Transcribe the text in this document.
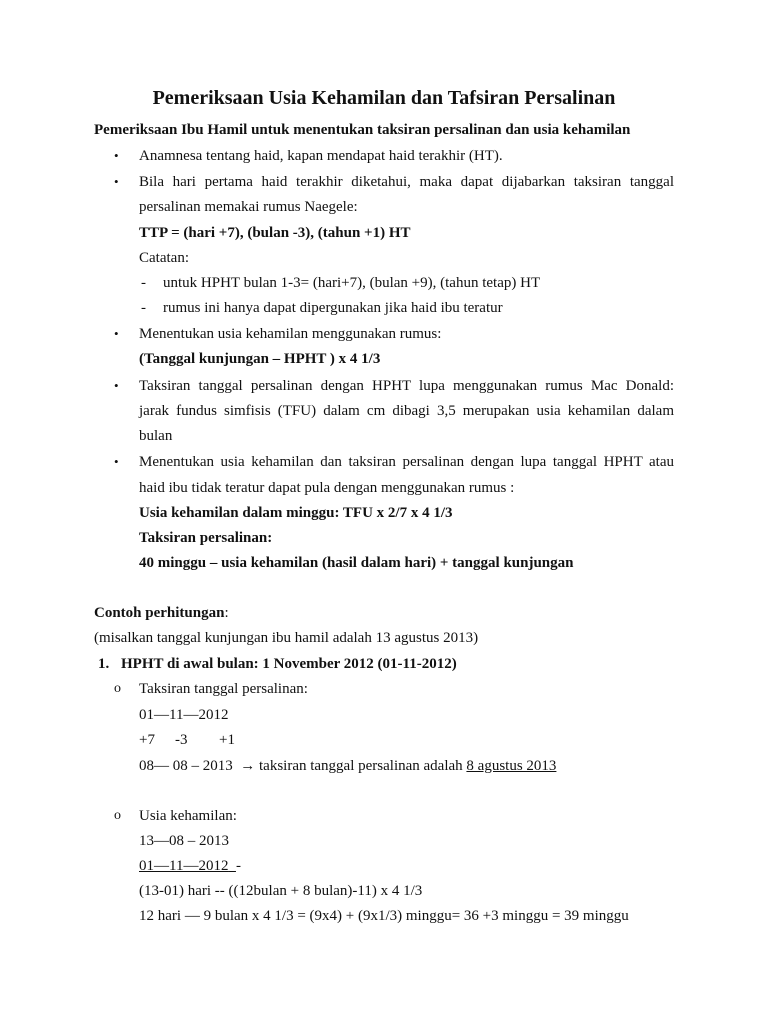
Pemeriksaan Usia Kehamilan dan Tafsiran Persalinan
Pemeriksaan Ibu Hamil untuk menentukan taksiran persalinan dan usia kehamilan
• Anamnesa tentang haid, kapan mendapat haid terakhir (HT).
• Bila hari pertama haid terakhir diketahui, maka dapat dijabarkan taksiran tanggal
persalinan memakai rumus Naegele:
TTP = (hari +7), (bulan -3), (tahun +1) HT
Catatan:
- untuk HPHT bulan 1-3= (hari+7), (bulan +9), (tahun tetap) HT
- rumus ini hanya dapat dipergunakan jika haid ibu teratur
• Menentukan usia kehamilan menggunakan rumus:
(Tanggal kunjungan – HPHT ) x 4 1/3
• Taksiran tanggal persalinan dengan HPHT lupa menggunakan rumus Mac Donald:
jarak fundus simfisis (TFU) dalam cm dibagi 3,5 merupakan usia kehamilan dalam
bulan
• Menentukan usia kehamilan dan taksiran persalinan dengan lupa tanggal HPHT atau
haid ibu tidak teratur dapat pula dengan menggunakan rumus :
Usia kehamilan dalam minggu: TFU x 2/7 x 4 1/3
Taksiran persalinan:
40 minggu – usia kehamilan (hasil dalam hari) + tanggal kunjungan
Contoh perhitungan:
(misalkan tanggal kunjungan ibu hamil adalah 13 agustus 2013)
1. HPHT di awal bulan: 1 November 2012 (01-11-2012)
o Taksiran tanggal persalinan:
01—11—2012
+7 -3 +1
08— 08 – 2013 → taksiran tanggal persalinan adalah 8 agustus 2013
o Usia kehamilan:
13—08 – 2013
01—11—2012 -
(13-01) hari -- ((12bulan + 8 bulan)-11) x 4 1/3
12 hari — 9 bulan x 4 1/3 = (9x4) + (9x1/3) minggu= 36 +3 minggu = 39 minggu
